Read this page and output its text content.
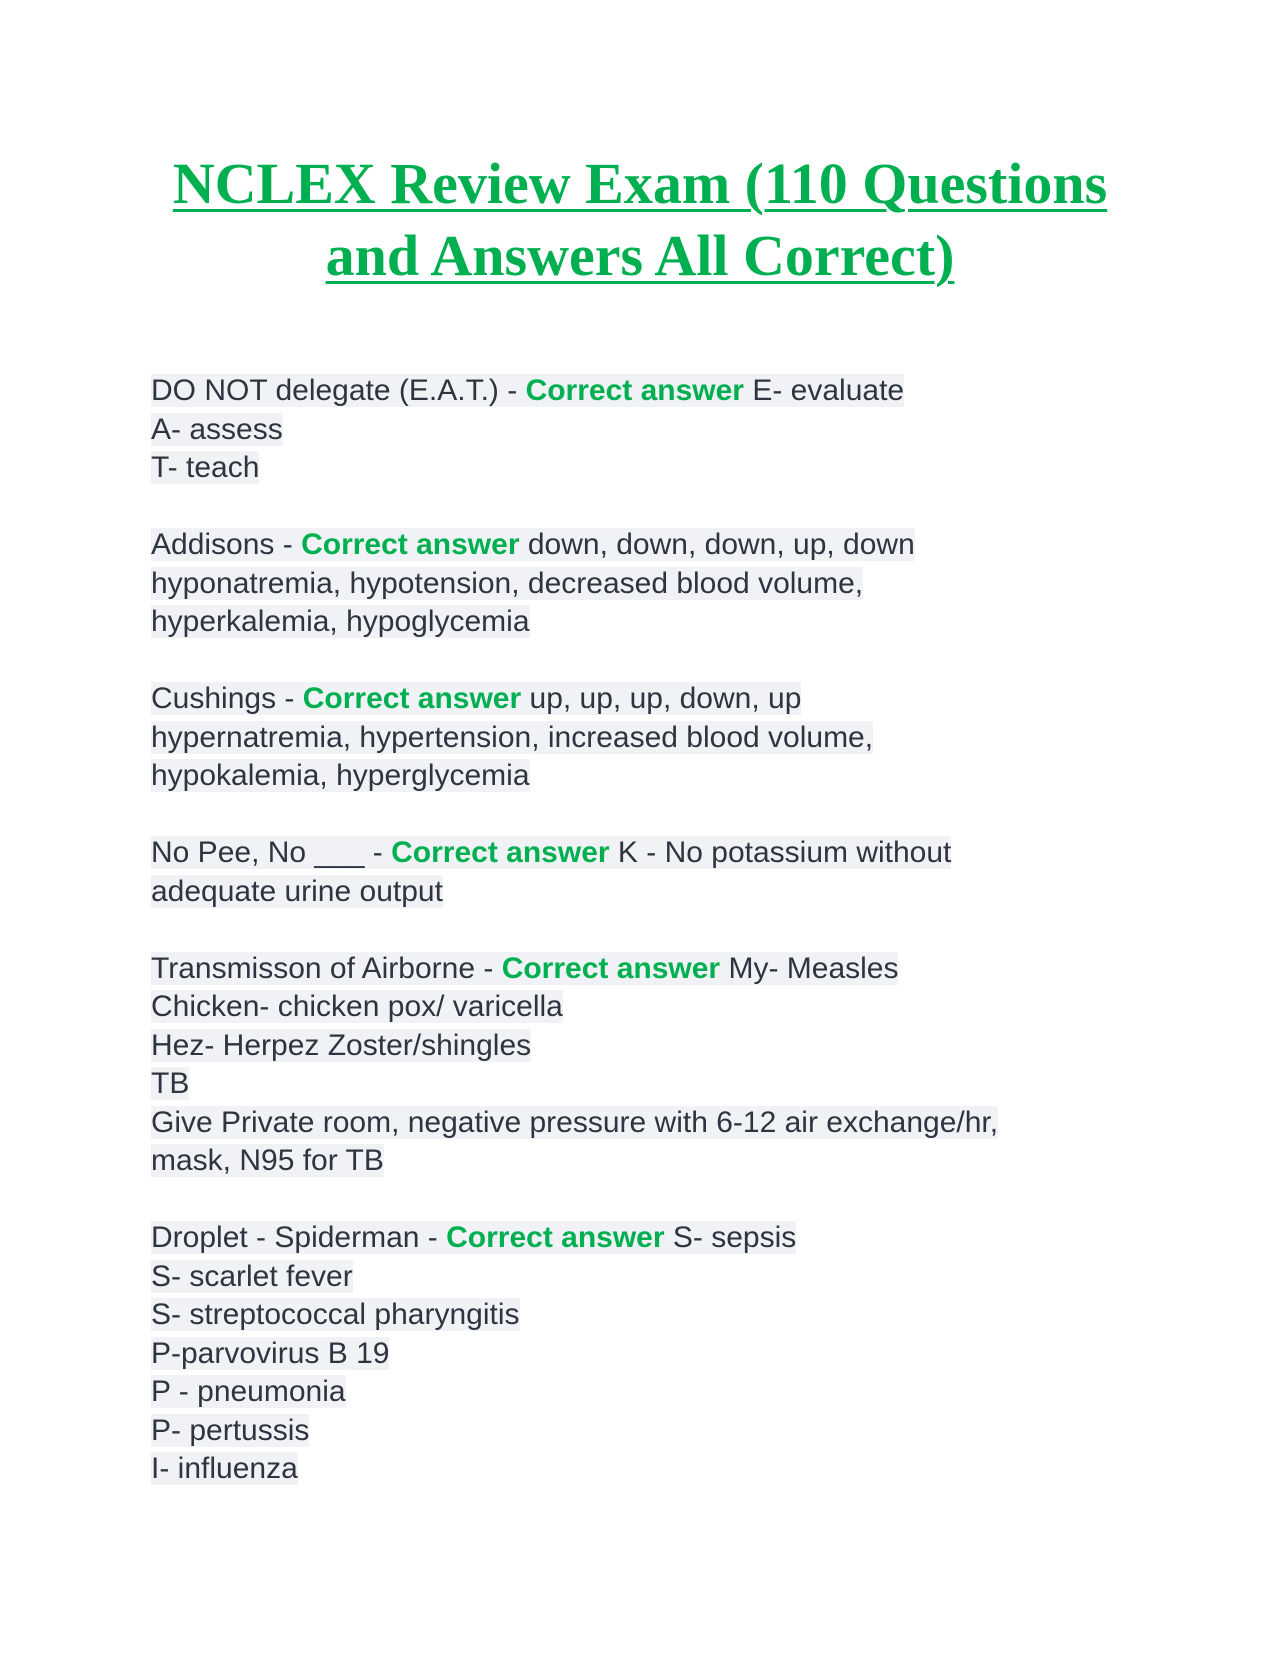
NCLEX Review Exam (110 Questions
and Answers All Correct)
DO NOT delegate (E.A.T.) - Correct answer E- evaluate
A- assess
T- teach
Addisons - Correct answer down, down, down, up, down
hyponatremia, hypotension, decreased blood volume,
hyperkalemia, hypoglycemia
Cushings - Correct answer up, up, up, down, up
hypernatremia, hypertension, increased blood volume,
hypokalemia, hyperglycemia
No Pee, No ___ - Correct answer K - No potassium without
adequate urine output
Transmisson of Airborne - Correct answer My- Measles
Chicken- chicken pox/ varicella
Hez- Herpez Zoster/shingles
TB
Give Private room, negative pressure with 6-12 air exchange/hr,
mask, N95 for TB
Droplet - Spiderman - Correct answer S- sepsis
S- scarlet fever
S- streptococcal pharyngitis
P-parvovirus B 19
P - pneumonia
P- pertussis
I- influenza
